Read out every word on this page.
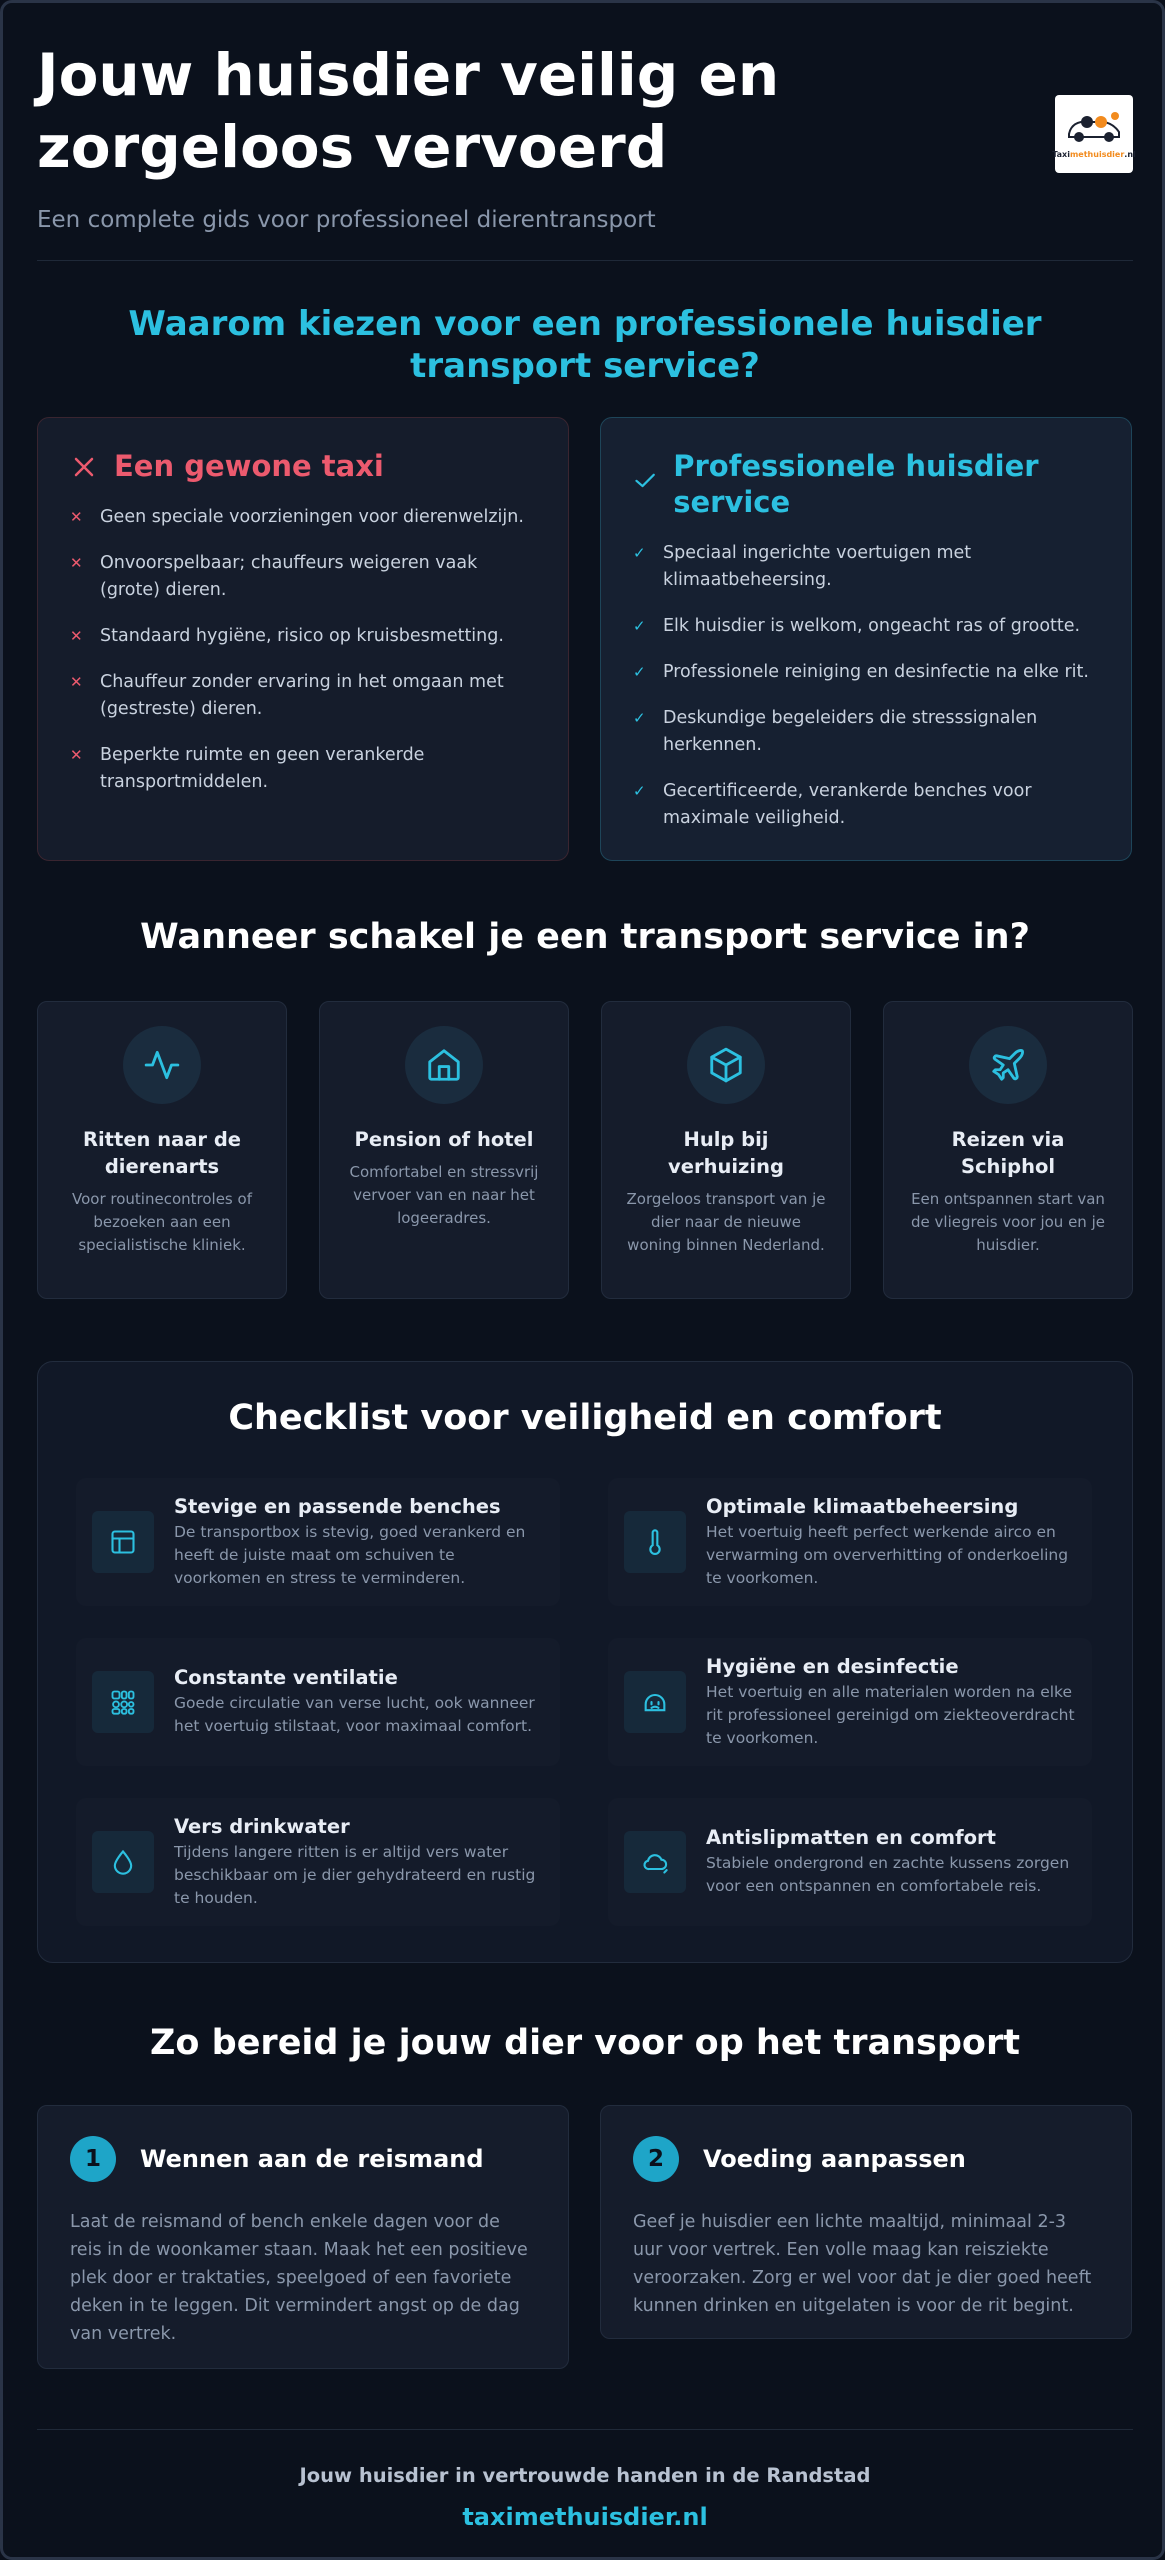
Jouw huisdier veilig en zorgeloos vervoerd

Een complete gids voor professioneel dierentransport

Taximethuisdier.nl
Waarom kiezen voor een professionele huisdier transport service?
Een gewone taxi
✕ Geen speciale voorzieningen voor dierenwelzijn.
✕ Onvoorspelbaar; chauffeurs weigeren vaak (grote) dieren.
✕ Standaard hygiëne, risico op kruisbesmetting.
✕ Chauffeur zonder ervaring in het omgaan met (gestreste) dieren.
✕ Beperkte ruimte en geen verankerde transportmiddelen.
Professionele huisdier service
✓ Speciaal ingerichte voertuigen met klimaatbeheersing.
✓ Elk huisdier is welkom, ongeacht ras of grootte.
✓ Professionele reiniging en desinfectie na elke rit.
✓ Deskundige begeleiders die stresssignalen herkennen.
✓ Gecertificeerde, verankerde benches voor maximale veiligheid.
Wanneer schakel je een transport service in?
Ritten naar de dierenarts
Voor routinecontroles of bezoeken aan een specialistische kliniek.
Pension of hotel
Comfortabel en stressvrij vervoer van en naar het logeeradres.
Hulp bij verhuizing
Zorgeloos transport van je dier naar de nieuwe woning binnen Nederland.
Reizen via Schiphol
Een ontspannen start van de vliegreis voor jou en je huisdier.
Checklist voor veiligheid en comfort
Stevige en passende benches
De transportbox is stevig, goed verankerd en heeft de juiste maat om schuiven te voorkomen en stress te verminderen.
Optimale klimaatbeheersing
Het voertuig heeft perfect werkende airco en verwarming om oververhitting of onderkoeling te voorkomen.
Constante ventilatie
Goede circulatie van verse lucht, ook wanneer het voertuig stilstaat, voor maximaal comfort.
Hygiëne en desinfectie
Het voertuig en alle materialen worden na elke rit professioneel gereinigd om ziekteoverdracht te voorkomen.
Vers drinkwater
Tijdens langere ritten is er altijd vers water beschikbaar om je dier gehydrateerd en rustig te houden.
Antislipmatten en comfort
Stabiele ondergrond en zachte kussens zorgen voor een ontspannen en comfortabele reis.
Zo bereid je jouw dier voor op het transport
1	Wennen aan de reismand
Laat de reismand of bench enkele dagen voor de reis in de woonkamer staan. Maak het een positieve plek door er traktaties, speelgoed of een favoriete deken in te leggen. Dit vermindert angst op de dag van vertrek.
2	Voeding aanpassen
Geef je huisdier een lichte maaltijd, minimaal 2-3 uur voor vertrek. Een volle maag kan reisziekte veroorzaken. Zorg er wel voor dat je dier goed heeft kunnen drinken en uitgelaten is voor de rit begint.
Jouw huisdier in vertrouwde handen in de Randstad
taximethuisdier.nl
